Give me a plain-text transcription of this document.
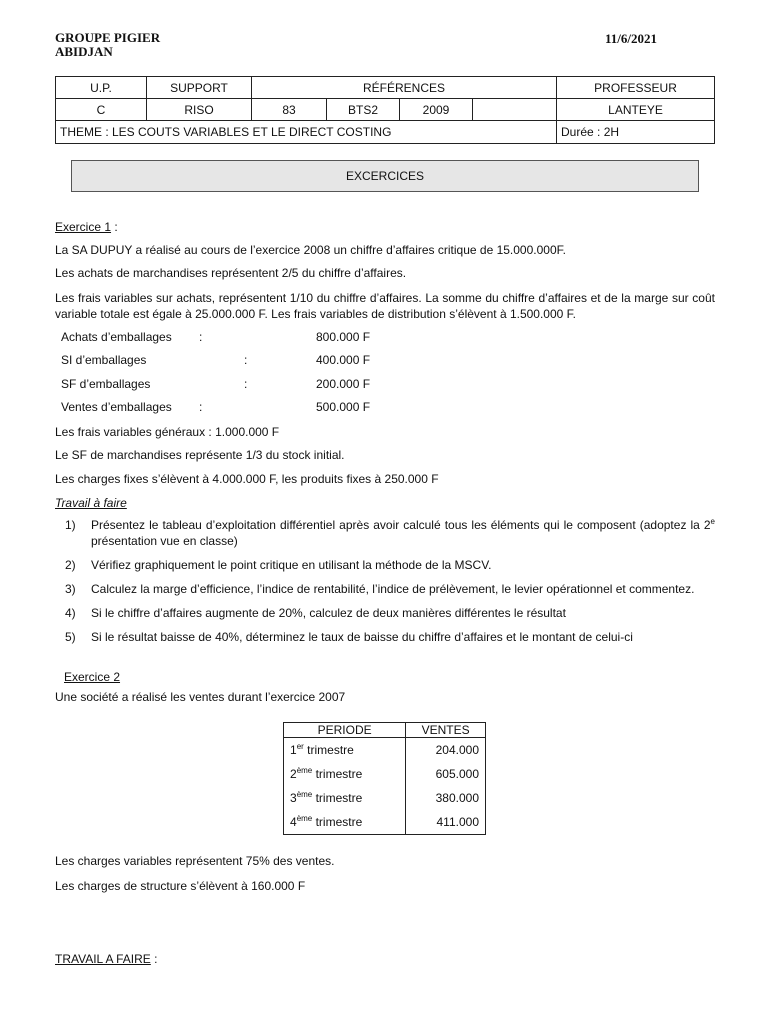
GROUPE PIGIER
ABIDJAN
11/6/2021
U.P.	SUPPORT	RÉFÉRENCES				PROFESSEUR
C	RISO	83	BTS2	2009		LANTEYE
THEME : LES COUTS VARIABLES ET LE DIRECT COSTING						Durée : 2H
EXCERCICES
Exercice 1 :
La SA DUPUY a réalisé au cours de l’exercice 2008 un chiffre d’affaires critique de 15.000.000F.
Les achats de marchandises représentent 2/5 du chiffre d’affaires.
Les frais variables sur achats, représentent 1/10 du chiffre d’affaires. La somme du chiffre d’affaires et de la marge sur coût variable totale est égale à 25.000.000 F. Les frais variables de distribution s’élèvent à 1.500.000 F.
Achats d’emballages :	800.000 F
SI d’emballages	:	400.000 F
SF d’emballages	:	200.000 F
Ventes d’emballages :	500.000 F
Les frais variables généraux : 1.000.000 F
Le SF de marchandises représente 1/3 du stock initial.
Les charges fixes s’élèvent à 4.000.000 F, les produits fixes à 250.000 F
Travail à faire
1) Présentez le tableau d’exploitation différentiel après avoir calculé tous les éléments qui le composent (adoptez la 2e présentation vue en classe)
2) Vérifiez graphiquement le point critique en utilisant la méthode de la MSCV.
3) Calculez la marge d’efficience, l’indice de rentabilité, l’indice de prélèvement, le levier opérationnel et commentez.
4) Si le chiffre d’affaires augmente de 20%, calculez de deux manières différentes le résultat
5) Si le résultat baisse de 40%, déterminez le taux de baisse du chiffre d’affaires et le montant de celui-ci
Exercice 2
Une société a réalisé les ventes durant l’exercice 2007
PERIODE	VENTES
1er trimestre	204.000
2ème trimestre	605.000
3ème trimestre	380.000
4ème trimestre	411.000
Les charges variables représentent 75% des ventes.
Les charges de structure s’élèvent à 160.000 F
TRAVAIL A FAIRE :
